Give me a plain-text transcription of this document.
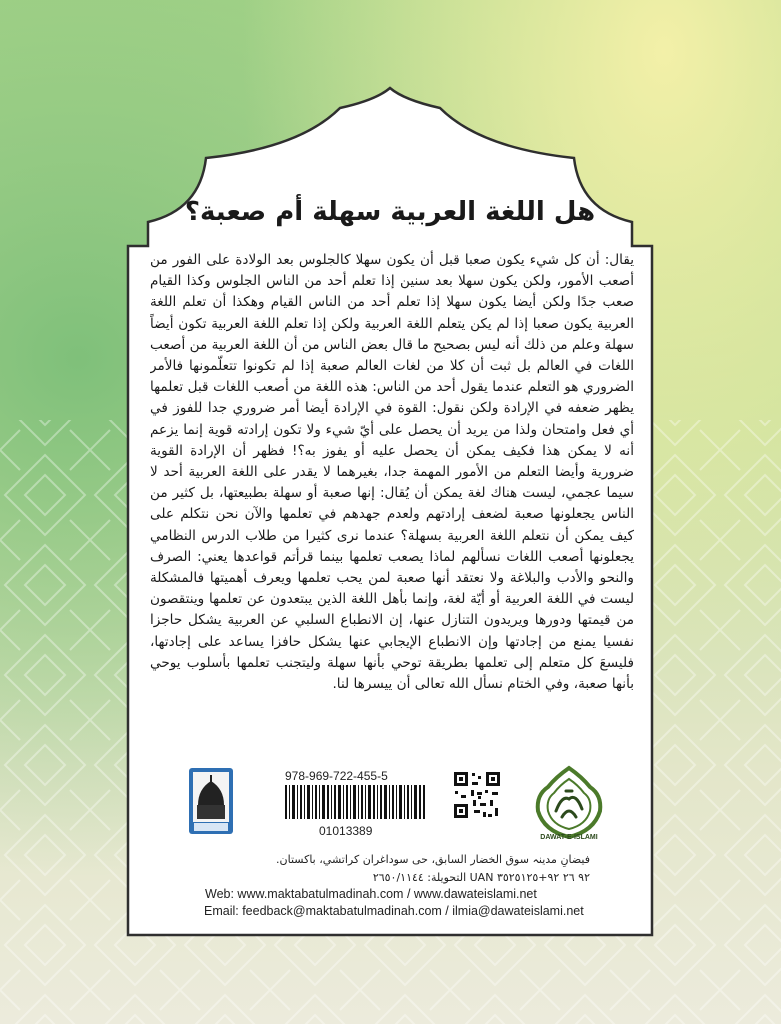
هل اللغة العربية سهلة أم صعبة؟

يقال: أن كل شيء يكون صعبا قبل أن يكون سهلا كالجلوس بعد الولادة على الفور من أصعب الأمور، ولكن يكون سهلا بعد سنين إذا تعلم أحد من الناس الجلوس وكذا القيام صعب جدًا ولكن أيضا يكون سهلا إذا تعلم أحد من الناس القيام وهكذا أن تعلم اللغة العربية يكون صعبا إذا لم يكن يتعلم اللغة العربية ولكن إذا تعلم اللغة العربية تكون أيضاً سهلة وعلم من ذلك أنه ليس بصحيح ما قال بعض الناس من أن اللغة العربية من أصعب اللغات في العالم بل ثبت أن كلا من لغات العالم صعبة إذا لم تكونوا تتعلّمونها فالأمر الضروري هو التعلم عندما يقول أحد من الناس: هذه اللغة من أصعب اللغات قبل تعلمها يظهر ضعفه في الإرادة ولكن نقول: القوة في الإرادة أيضا أمر ضروري جدا للفوز في أي فعل وامتحان ولذا من يريد أن يحصل على أيّ شيء ولا تكون إرادته قوية إنما يزعم أنه لا يمكن هذا فكيف يمكن أن يحصل عليه أو يفوز به؟! فظهر أن الإرادة القوية ضرورية وأيضا التعلم من الأمور المهمة جدا، بغيرهما لا يقدر على اللغة العربية أحد لا سيما عجمي، ليست هناك لغة يمكن أن يُقال: إنها صعبة أو سهلة بطبيعتها، بل كثير من الناس يجعلونها صعبة لضعف إرادتهم ولعدم جهدهم في تعلمها والآن نحن نتكلم على كيف يمكن أن نتعلم اللغة العربية بسهلة؟ عندما نرى كثيرا من طلاب الدرس النظامي يجعلونها أصعب اللغات نسألهم لماذا يصعب تعلمها بينما قرأتم قواعدها يعني: الصرف والنحو والأدب والبلاغة ولا نعتقد أنها صعبة لمن يحب تعلمها ويعرف أهميتها فالمشكلة ليست في اللغة العربية أو أيّة لغة، وإنما بأهل اللغة الذين يبتعدون عن تعلمها وينتقصون من قيمتها ودورها ويريدون التنازل عنها، إن الانطباع السلبي عن العربية يشكل حاجزا نفسيا يمنع من إجادتها وإن الانطباع الإيجابي عنها يشكل حافزا يساعد على إجادتها، فليسعَ كل متعلم إلى تعلمها بطريقة توحي بأنها سهلة وليتجنب تعلمها بأسلوب يوحي بأنها صعبة، وفي الختام نسأل الله تعالى أن ييسرها لنا.

978-969-722-455-5
01013389	DAWAT-E-ISLAMI
فيضانِ مدینہ سوق الخضار السابق، حی سوداغران کراتشي، باکستان.
٩٢ ٢٦ ٩٢+٣٥٢٥١٢٥ UAN التحويلة: ٢٦٥٠/١١٤٤
Web: www.maktabatulmadinah.com / www.dawateislami.net
Email: feedback@maktabatulmadinah.com / ilmia@dawateislami.net
